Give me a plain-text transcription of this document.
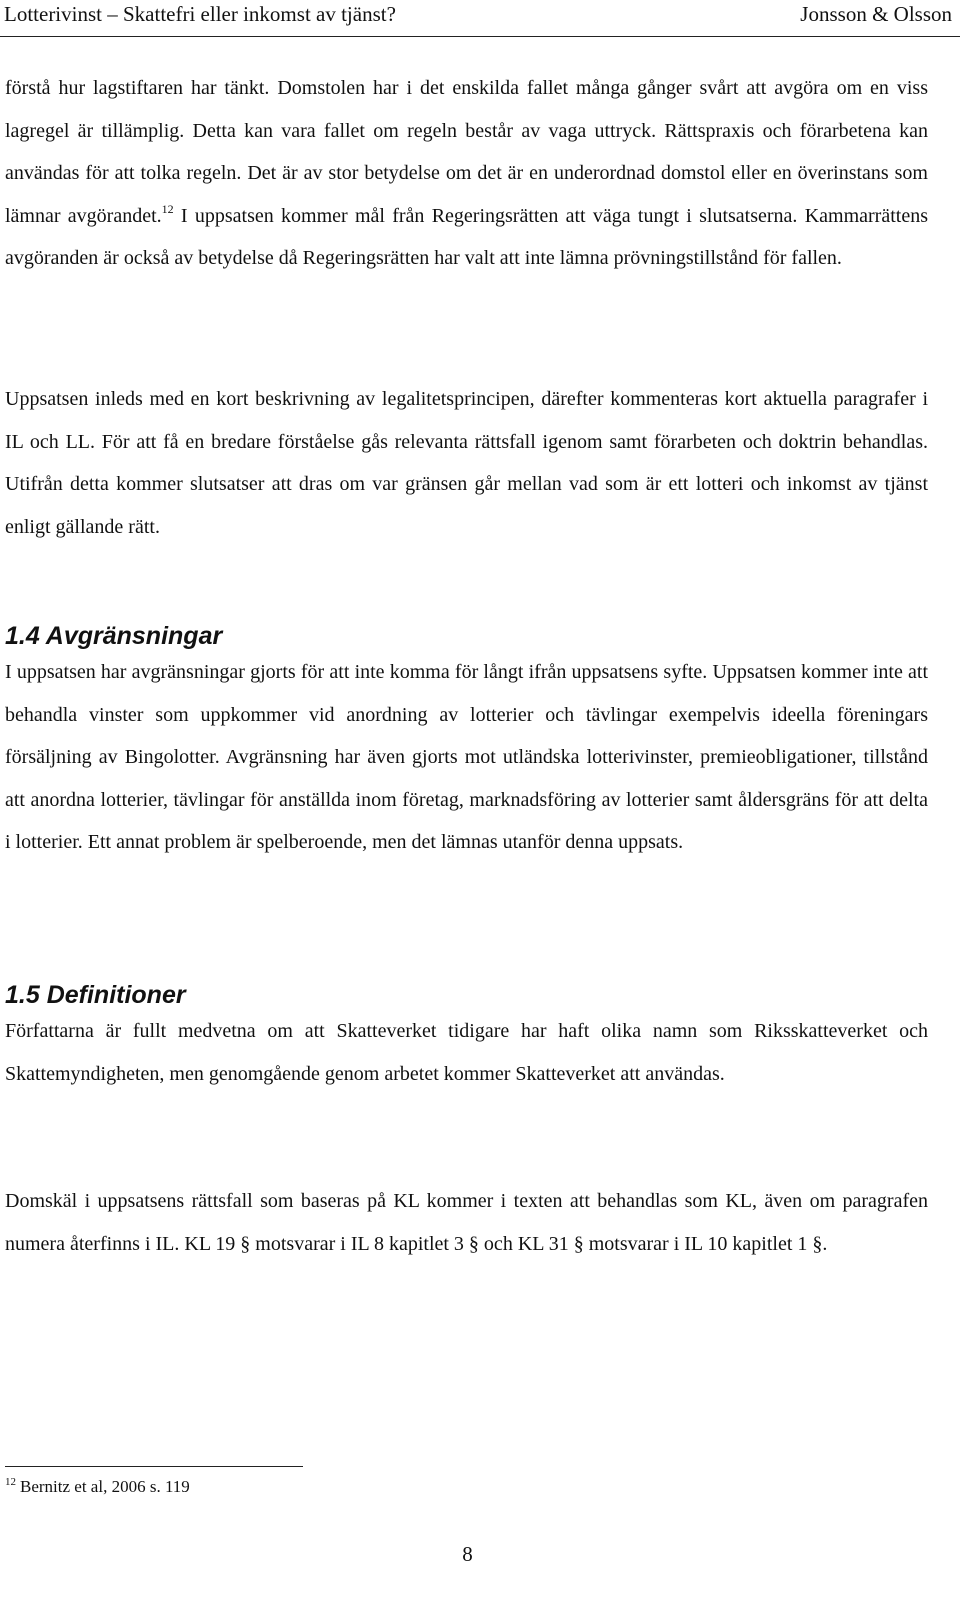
Lotterivinst – Skattefri eller inkomst av tjänst?	Jonsson & Olsson

förstå hur lagstiftaren har tänkt. Domstolen har i det enskilda fallet många gånger svårt att avgöra om en viss lagregel är tillämplig. Detta kan vara fallet om regeln består av vaga uttryck. Rättspraxis och förarbetena kan användas för att tolka regeln. Det är av stor betydelse om det är en underordnad domstol eller en överinstans som lämnar avgörandet.$^{12}$ I uppsatsen kommer mål från Regeringsrätten att väga tungt i slutsatserna. Kammarrättens avgöranden är också av betydelse då Regeringsrätten har valt att inte lämna prövningstillstånd för fallen.

Uppsatsen inleds med en kort beskrivning av legalitetsprincipen, därefter kommenteras kort aktuella paragrafer i IL och LL. För att få en bredare förståelse gås relevanta rättsfall igenom samt förarbeten och doktrin behandlas. Utifrån detta kommer slutsatser att dras om var gränsen går mellan vad som är ett lotteri och inkomst av tjänst enligt gällande rätt.

1.4 Avgränsningar

I uppsatsen har avgränsningar gjorts för att inte komma för långt ifrån uppsatsens syfte. Uppsatsen kommer inte att behandla vinster som uppkommer vid anordning av lotterier och tävlingar exempelvis ideella föreningars försäljning av Bingolotter. Avgränsning har även gjorts mot utländska lotterivinster, premieobligationer, tillstånd att anordna lotterier, tävlingar för anställda inom företag, marknadsföring av lotterier samt åldersgräns för att delta i lotterier. Ett annat problem är spelberoende, men det lämnas utanför denna uppsats.

1.5 Definitioner

Författarna är fullt medvetna om att Skatteverket tidigare har haft olika namn som Riksskatteverket och Skattemyndigheten, men genomgående genom arbetet kommer Skatteverket att användas.

Domskäl i uppsatsens rättsfall som baseras på KL kommer i texten att behandlas som KL, även om paragrafen numera återfinns i IL. KL 19 § motsvarar i IL 8 kapitlet 3 § och KL 31 § motsvarar i IL 10 kapitlet 1 §.

$^{12}$ Bernitz et al, 2006 s. 119
8
